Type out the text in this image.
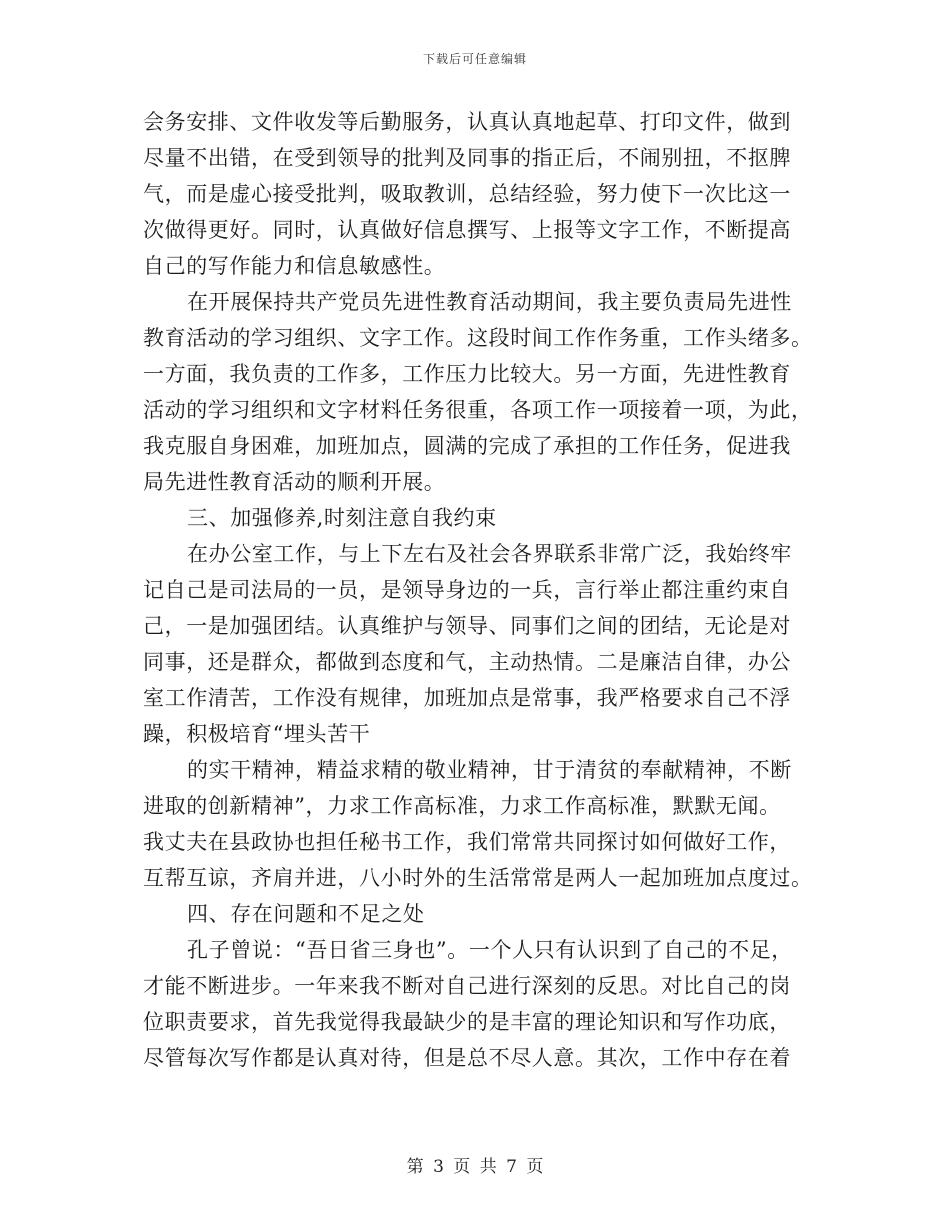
下载后可任意编辑
会务安排、文件收发等后勤服务，认真认真地起草、打印文件，做到
尽量不出错，在受到领导的批判及同事的指正后，不闹别扭，不抠脾
气，而是虚心接受批判，吸取教训，总结经验，努力使下一次比这一
次做得更好。同时，认真做好信息撰写、上报等文字工作，不断提高
自己的写作能力和信息敏感性。
在开展保持共产党员先进性教育活动期间，我主要负责局先进性
教育活动的学习组织、文字工作。这段时间工作作务重，工作头绪多。
一方面，我负责的工作多，工作压力比较大。另一方面，先进性教育
活动的学习组织和文字材料任务很重，各项工作一项接着一项，为此，
我克服自身困难，加班加点，圆满的完成了承担的工作任务，促进我
局先进性教育活动的顺利开展。
三、加强修养,时刻注意自我约束
在办公室工作，与上下左右及社会各界联系非常广泛，我始终牢
记自己是司法局的一员，是领导身边的一兵，言行举止都注重约束自
己，一是加强团结。认真维护与领导、同事们之间的团结，无论是对
同事，还是群众，都做到态度和气，主动热情。二是廉洁自律，办公
室工作清苦，工作没有规律，加班加点是常事，我严格要求自己不浮
躁，积极培育“埋头苦干
的实干精神，精益求精的敬业精神，甘于清贫的奉献精神，不断
进取的创新精神”，力求工作高标准，力求工作高标准，默默无闻。
我丈夫在县政协也担任秘书工作，我们常常共同探讨如何做好工作，
互帮互谅，齐肩并进，八小时外的生活常常是两人一起加班加点度过。
四、存在问题和不足之处
孔子曾说：“吾日省三身也”。一个人只有认识到了自己的不足，
才能不断进步。一年来我不断对自己进行深刻的反思。对比自己的岗
位职责要求，首先我觉得我最缺少的是丰富的理论知识和写作功底，
尽管每次写作都是认真对待，但是总不尽人意。其次，工作中存在着
第 3 页 共 7 页
